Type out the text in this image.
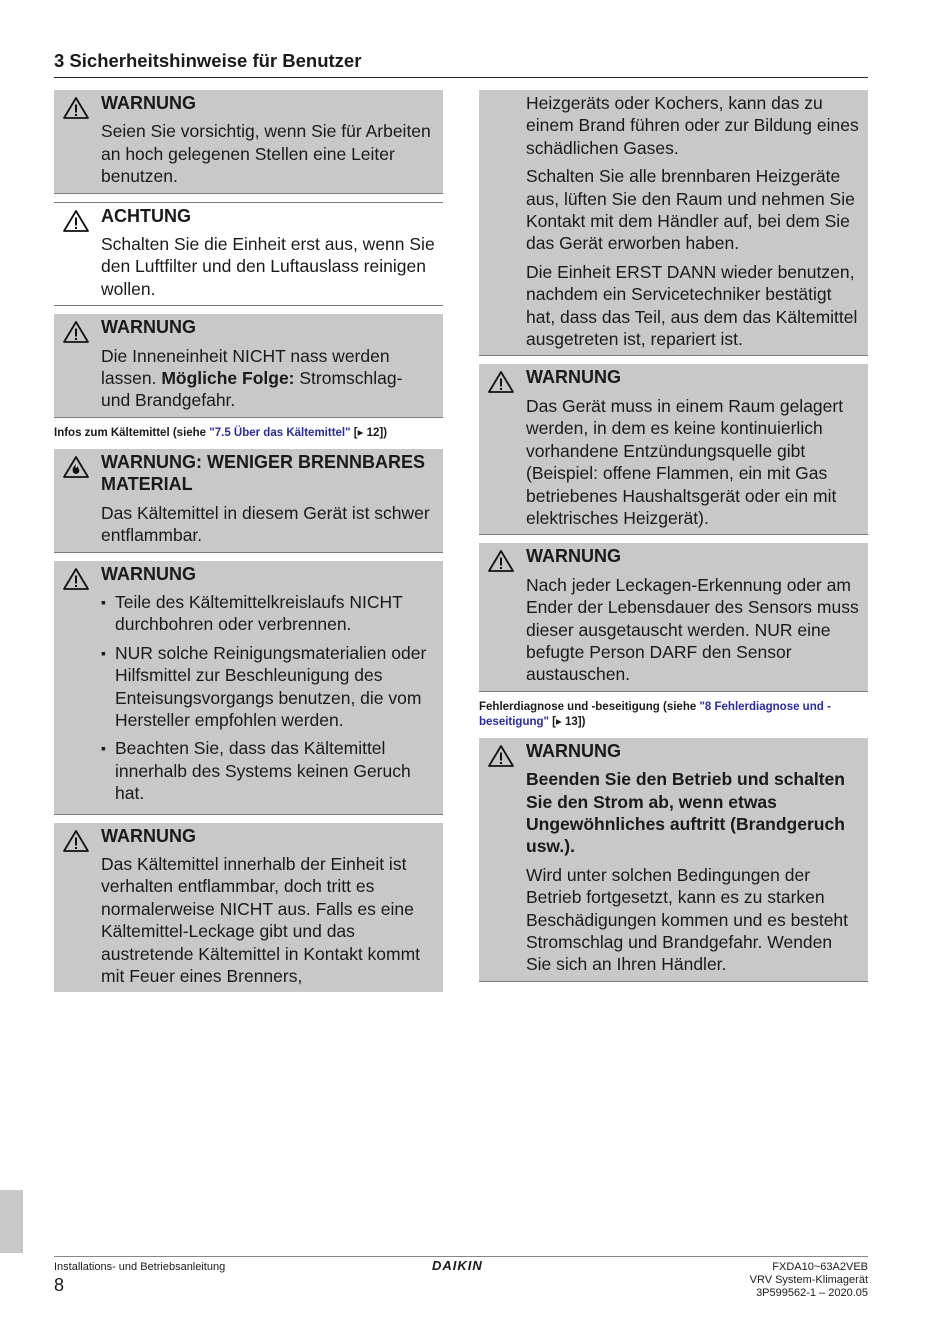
3 Sicherheitshinweise für Benutzer
WARNUNG

Seien Sie vorsichtig, wenn Sie für Arbeiten an hoch gelegenen Stellen eine Leiter benutzen.

ACHTUNG

Schalten Sie die Einheit erst aus, wenn Sie den Luftfilter und den Luftauslass reinigen wollen.

WARNUNG

Die Inneneinheit NICHT nass werden lassen. Mögliche Folge: Stromschlag- und Brandgefahr.

Infos zum Kältemittel (siehe "7.5 Über das Kältemittel" [▸ 12])
WARNUNG: WENIGER BRENNBARES MATERIAL

Das Kältemittel in diesem Gerät ist schwer entflammbar.

WARNUNG
▪ Teile des Kältemittelkreislaufs NICHT durchbohren oder verbrennen.
▪ NUR solche Reinigungsmaterialien oder Hilfsmittel zur Beschleunigung des Enteisungsvorgangs benutzen, die vom Hersteller empfohlen werden.
▪ Beachten Sie, dass das Kältemittel innerhalb des Systems keinen Geruch hat.
WARNUNG

Das Kältemittel innerhalb der Einheit ist verhalten entflammbar, doch tritt es normalerweise NICHT aus. Falls es eine Kältemittel-Leckage gibt und das austretende Kältemittel in Kontakt kommt mit Feuer eines Brenners,

Heizgeräts oder Kochers, kann das zu einem Brand führen oder zur Bildung eines schädlichen Gases.

Schalten Sie alle brennbaren Heizgeräte aus, lüften Sie den Raum und nehmen Sie Kontakt mit dem Händler auf, bei dem Sie das Gerät erworben haben.

Die Einheit ERST DANN wieder benutzen, nachdem ein Servicetechniker bestätigt hat, dass das Teil, aus dem das Kältemittel ausgetreten ist, repariert ist.

WARNUNG

Das Gerät muss in einem Raum gelagert werden, in dem es keine kontinuierlich vorhandene Entzündungsquelle gibt (Beispiel: offene Flammen, ein mit Gas betriebenes Haushaltsgerät oder ein mit elektrisches Heizgerät).

WARNUNG

Nach jeder Leckagen-Erkennung oder am Ender der Lebensdauer des Sensors muss dieser ausgetauscht werden. NUR eine befugte Person DARF den Sensor austauschen.

Fehlerdiagnose und -beseitigung (siehe "8 Fehlerdiagnose und -beseitigung" [▸ 13])
WARNUNG

Beenden Sie den Betrieb und schalten Sie den Strom ab, wenn etwas Ungewöhnliches auftritt (Brandgeruch usw.).

Wird unter solchen Bedingungen der Betrieb fortgesetzt, kann es zu starken Beschädigungen kommen und es besteht Stromschlag und Brandgefahr. Wenden Sie sich an Ihren Händler.

Installations- und Betriebsanleitung
8
DAIKIN	FXDA10~63A2VEB
VRV System-Klimagerät
3P599562-1 – 2020.05
